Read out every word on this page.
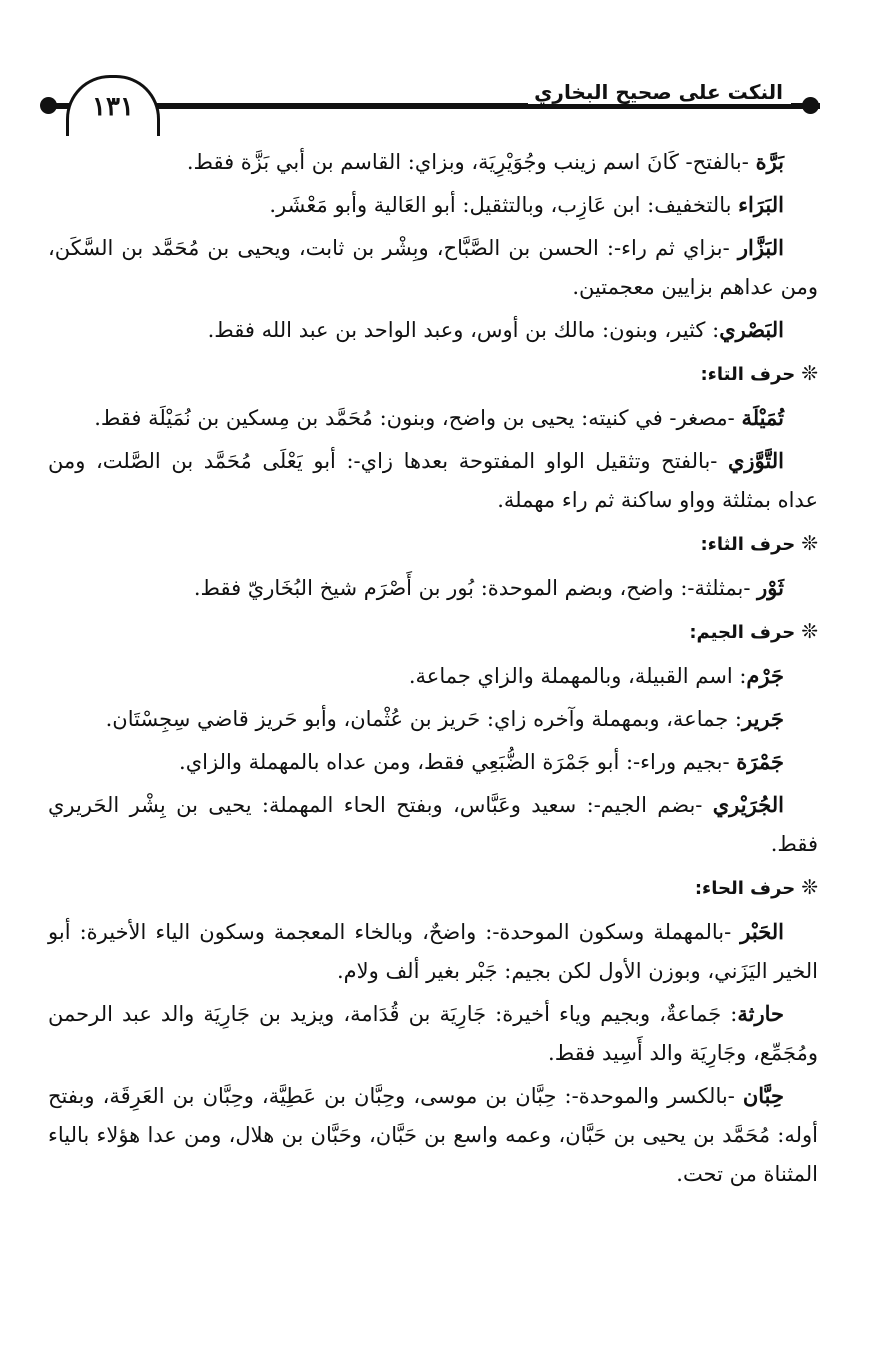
١٣١	النكت على صحيح البخاري

بَرَّة -بالفتح- كَانَ اسم زينب وجُوَيْرِيَة، وبزاي: القاسم بن أبي بَزَّة فقط.

البَرَاء بالتخفيف: ابن عَازِب، وبالتثقيل: أبو العَالية وأبو مَعْشَر.

البَزَّار -بزاي ثم راء-: الحسن بن الصَّبَّاح، وبِشْر بن ثابت، ويحيى بن مُحَمَّد بن السَّكَن، ومن عداهم بزايين معجمتين.

البَصْري: كثير، وبنون: مالك بن أوس، وعبد الواحد بن عبد الله فقط.

❊حرف التاء:

تُمَيْلَة -مصغر- في كنيته: يحيى بن واضح، وبنون: مُحَمَّد بن مِسكين بن نُمَيْلَة فقط.

التَّوَّزي -بالفتح وتثقيل الواو المفتوحة بعدها زاي-: أبو يَعْلَى مُحَمَّد بن الصَّلت، ومن عداه بمثلثة وواو ساكنة ثم راء مهملة.

❊حرف الثاء:

ثَوْر -بمثلثة-: واضح، وبضم الموحدة: بُور بن أَصْرَم شيخ البُخَاريّ فقط.

❊حرف الجيم:

جَرْم: اسم القبيلة، وبالمهملة والزاي جماعة.

جَرير: جماعة، وبمهملة وآخره زاي: حَريز بن عُثْمان، وأبو حَريز قاضي سِجِسْتَان.

جَمْرَة -بجيم وراء-: أبو جَمْرَة الضُّبَعِي فقط، ومن عداه بالمهملة والزاي.

الجُرَيْري -بضم الجيم-: سعيد وعَبَّاس، وبفتح الحاء المهملة: يحيى بن بِشْر الحَريري فقط.

❊حرف الحاء:

الحَبْر -بالمهملة وسكون الموحدة-: واضحٌ، وبالخاء المعجمة وسكون الياء الأخيرة: أبو الخير اليَزَني، وبوزن الأول لكن بجيم: جَبْر بغير ألف ولام.

حارثة: جَماعةٌ، وبجيم وياء أخيرة: جَارِيَة بن قُدَامة، ويزيد بن جَارِيَة والد عبد الرحمن ومُجَمِّع، وجَارِيَة والد أَسِيد فقط.

حِبَّان -بالكسر والموحدة-: حِبَّان بن موسى، وحِبَّان بن عَطِيَّة، وحِبَّان بن العَرِقَة، وبفتح أوله: مُحَمَّد بن يحيى بن حَبَّان، وعمه واسع بن حَبَّان، وحَبَّان بن هلال، ومن عدا هؤلاء بالياء المثناة من تحت.
